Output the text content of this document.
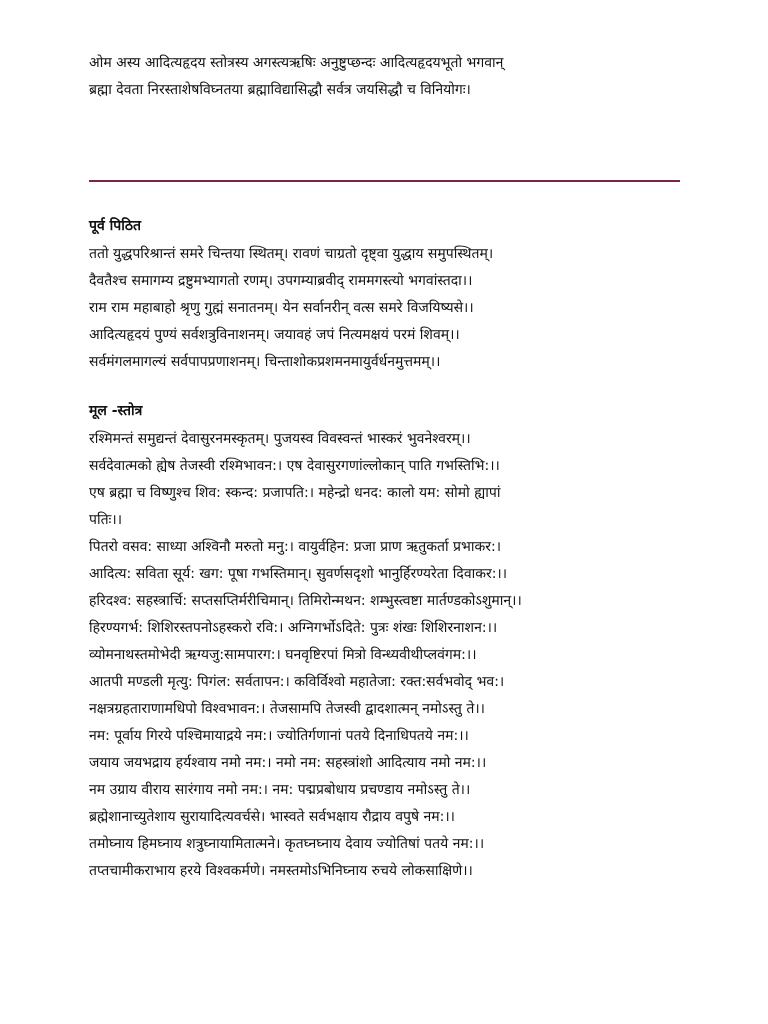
ओम अस्य आदित्यहृदय स्तोत्रस्य अगस्त्यऋषिः अनुष्टुप्छन्दः आदित्यहृदयभूतो भगवान्
ब्रह्मा देवता निरस्ताशेषविघ्नतया ब्रह्माविद्यासिद्धौ सर्वत्र जयसिद्धौ च विनियोगः।
पूर्व पिठित
ततो युद्धपरिश्रान्तं समरे चिन्तया स्थितम्। रावणं चाग्रतो दृष्ट्वा युद्धाय समुपस्थितम्।
दैवतैश्च समागम्य द्रष्टुमभ्यागतो रणम्। उपगम्याब्रवीद् राममगस्त्यो भगवांस्तदा।।
राम राम महाबाहो श्रृणु गुह्मं सनातनम्। येन सर्वानरीन् वत्स समरे विजयिष्यसे।।
आदित्यहृदयं पुण्यं सर्वशत्रुविनाशनम्। जयावहं जपं नित्यमक्षयं परमं शिवम्।।
सर्वमंगलमागल्यं सर्वपापप्रणाशनम्। चिन्ताशोकप्रशमनमायुर्वर्धनमुत्तमम्।।
मूल -स्तोत्र
रश्मिमन्तं समुद्यन्तं देवासुरनमस्कृतम्। पुजयस्व विवस्वन्तं भास्करं भुवनेश्वरम्।।
सर्वदेवात्मको ह्येष तेजस्वी रश्मिभावन:। एष देवासुरगणांल्लोकान् पाति गभस्तिभि:।।
एष ब्रह्मा च विष्णुश्च शिव: स्कन्द: प्रजापति:। महेन्द्रो धनद: कालो यम: सोमो ह्यापां
पतिः।।
पितरो वसव: साध्या अश्विनौ मरुतो मनु:। वायुर्वहिन: प्रजा प्राण ऋतुकर्ता प्रभाकर:।
आदित्य: सविता सूर्य: खग: पूषा गभस्तिमान्। सुवर्णसदृशो भानुर्हिरण्यरेता दिवाकर:।।
हरिदश्व: सहस्त्रार्चि: सप्तसप्तिर्मरीचिमान्। तिमिरोन्मथन: शम्भुस्त्वष्टा मार्तण्डकोऽशुमान्।।
हिरण्यगर्भ: शिशिरस्तपनोऽहस्करो रवि:। अग्निगर्भोऽदिते: पुत्रः शंखः शिशिरनाशन:।।
व्योमनाथस्तमोभेदी ऋग्यजु:सामपारग:। घनवृष्टिरपां मित्रो विन्ध्यवीथीप्लवंगम:।।
आतपी मण्डली मृत्यु: पिगंल: सर्वतापन:। कविर्विश्वो महातेजा: रक्त:सर्वभवोद् भव:।
नक्षत्रग्रहताराणामधिपो विश्वभावन:। तेजसामपि तेजस्वी द्वादशात्मन् नमोऽस्तु ते।।
नम: पूर्वाय गिरये पश्चिमायाद्रये नम:। ज्योतिर्गणानां पतये दिनाधिपतये नम:।।
जयाय जयभद्राय हर्यश्वाय नमो नम:। नमो नम: सहस्त्रांशो आदित्याय नमो नम:।।
नम उग्राय वीराय सारंगाय नमो नम:। नम: पद्मप्रबोधाय प्रचण्डाय नमोऽस्तु ते।।
ब्रह्मेशानाच्युतेशाय सुरायादित्यवर्चसे। भास्वते सर्वभक्षाय रौद्राय वपुषे नम:।।
तमोघ्नाय हिमघ्नाय शत्रुघ्नायामितात्मने। कृतघ्नघ्नाय देवाय ज्योतिषां पतये नम:।।
तप्तचामीकराभाय हरये विश्वकर्मणे। नमस्तमोऽभिनिघ्नाय रुचये लोकसाक्षिणे।।
